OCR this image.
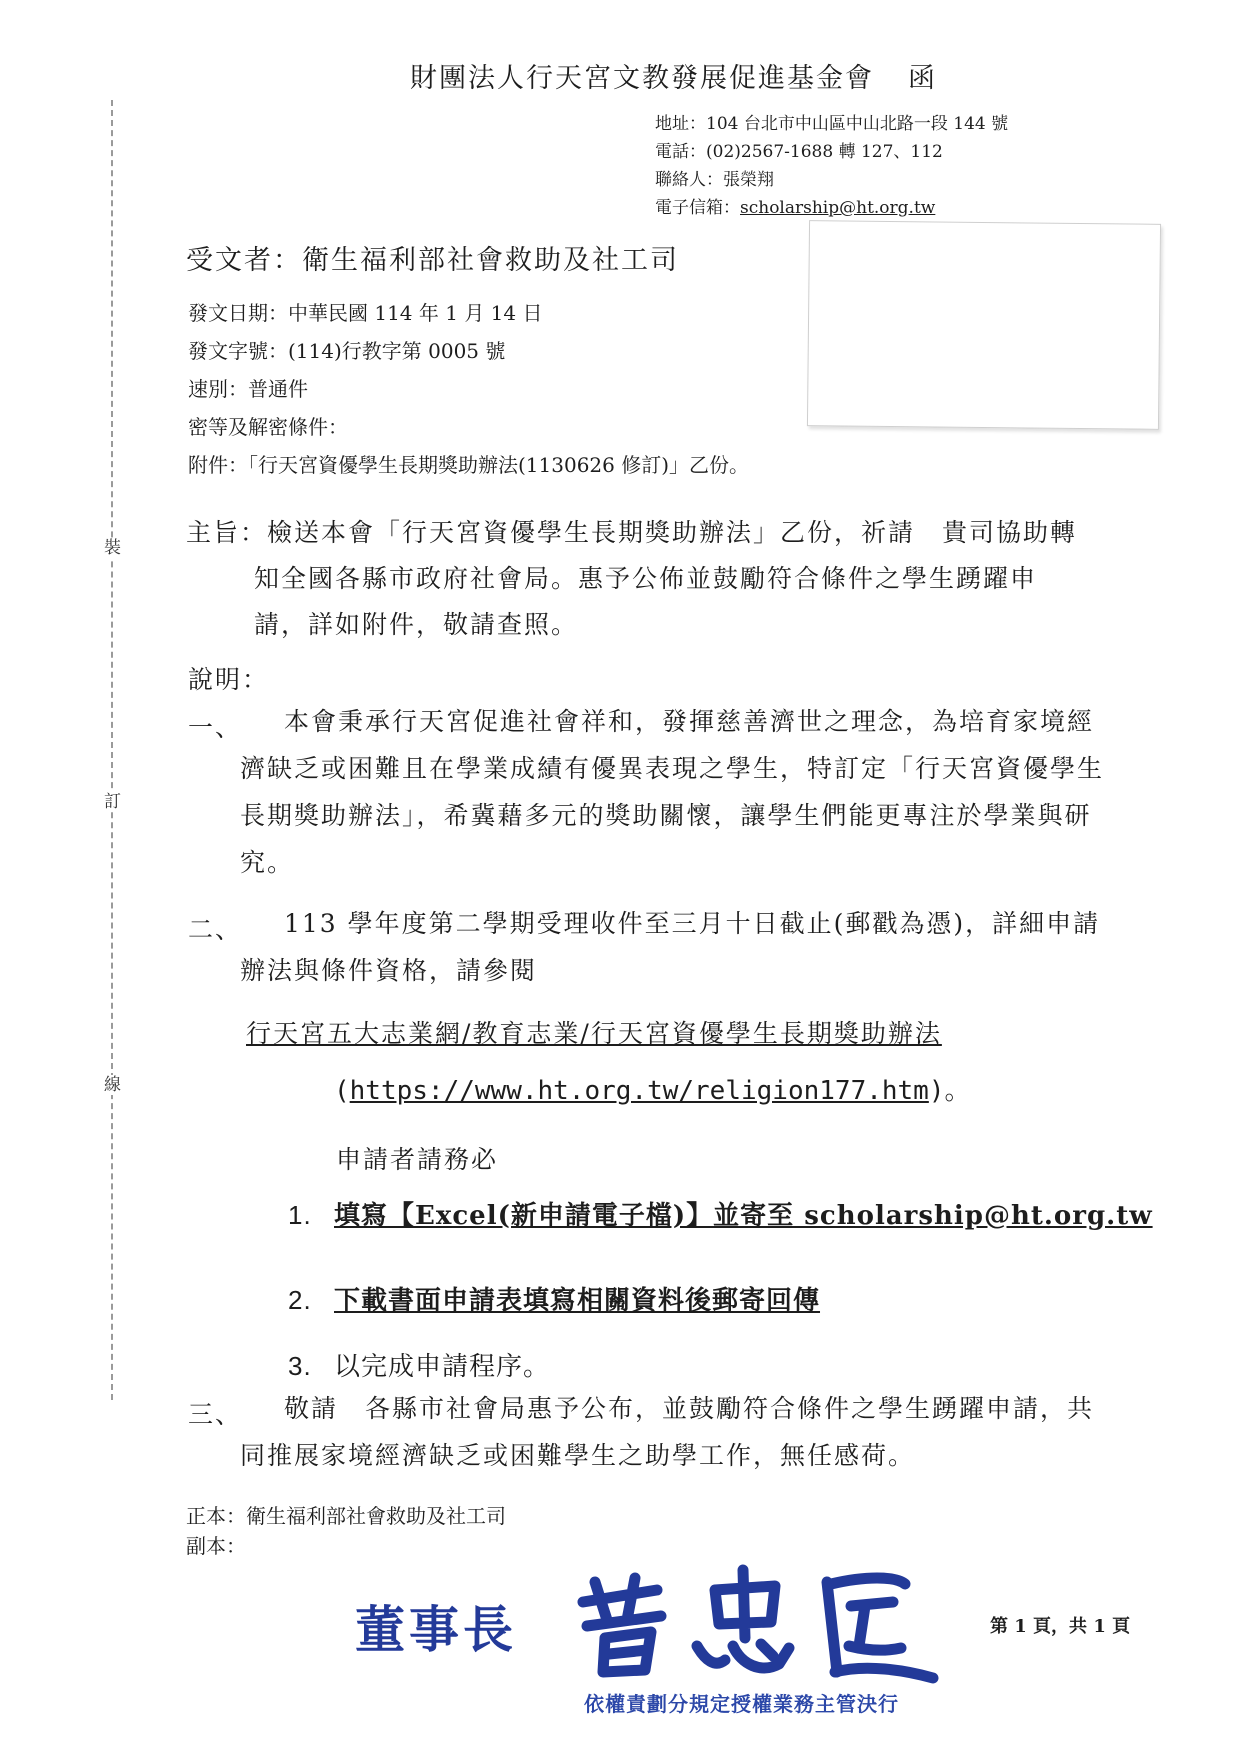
裝
訂
線
財團法人行天宮文教發展促進基金會 函
地址：104 台北市中山區中山北路一段 144 號
電話：(02)2567-1688 轉 127、112
聯絡人：張榮翔
電子信箱：scholarship@ht.org.tw
受文者：衛生福利部社會救助及社工司
發文日期：中華民國 114 年 1 月 14 日
發文字號：(114)行教字第 0005 號
速別：普通件
密等及解密條件：
附件：「行天宮資優學生長期獎助辦法(1130626 修訂)」乙份。
主旨：檢送本會「行天宮資優學生長期獎助辦法」乙份，祈請　貴司協助轉
知全國各縣市政府社會局。惠予公佈並鼓勵符合條件之學生踴躍申
請，詳如附件，敬請查照。
說明：
一、	本會秉承行天宮促進社會祥和，發揮慈善濟世之理念，為培育家境經
濟缺乏或困難且在學業成績有優異表現之學生，特訂定「行天宮資優學生
長期獎助辦法」，希冀藉多元的獎助關懷，讓學生們能更專注於學業與研
究。
二、	113 學年度第二學期受理收件至三月十日截止(郵戳為憑)，詳細申請
辦法與條件資格，請參閱
行天宮五大志業網/教育志業/行天宮資優學生長期獎助辦法
(https://www.ht.org.tw/religion177.htm)。
申請者請務必
1. 填寫【Excel(新申請電子檔)】並寄至 scholarship@ht.org.tw
2. 下載書面申請表填寫相關資料後郵寄回傳
3. 以完成申請程序。
三、	敬請　各縣市社會局惠予公布，並鼓勵符合條件之學生踴躍申請，共
同推展家境經濟缺乏或困難學生之助學工作，無任感荷。
正本：衛生福利部社會救助及社工司
副本：
董事長
依權責劃分規定授權業務主管決行
第 1 頁，共 1 頁
